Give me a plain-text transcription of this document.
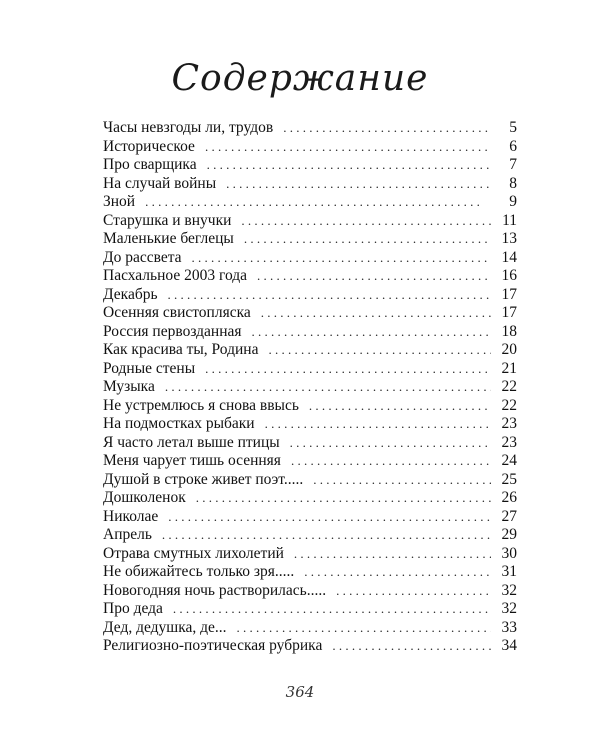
Содержание
Часы невзгоды ли, трудов . . .	5
Историческое . . .	6
Про сварщика . . .	7
На случай войны . . .	8
Зной . . .	9
Старушка и внучки . . .	11
Маленькие беглецы . . .	13
До рассвета . . .	14
Пасхальное 2003 года . . .	16
Декабрь . . .	17
Осенняя свистопляска . . .	17
Россия первозданная . . .	18
Как красива ты, Родина . . .	20
Родные стены . . .	21
Музыка . . .	22
Не устремлюсь я снова ввысь . . .	22
На подмостках рыбаки . . .	23
Я часто летал выше птицы . . .	23
Меня чарует тишь осенняя . . .	24
Душой в строке живет поэт..... . . .	25
Дошколенок . . .	26
Николае . . .	27
Апрель . . .	29
Отрава смутных лихолетий . . .	30
Не обижайтесь только зря..... . . .	31
Новогодняя ночь растворилась..... . . .	32
Про деда . . .	32
Дед, дедушка, де... . . .	33
Религиозно-поэтическая рубрика . . .	34
364
